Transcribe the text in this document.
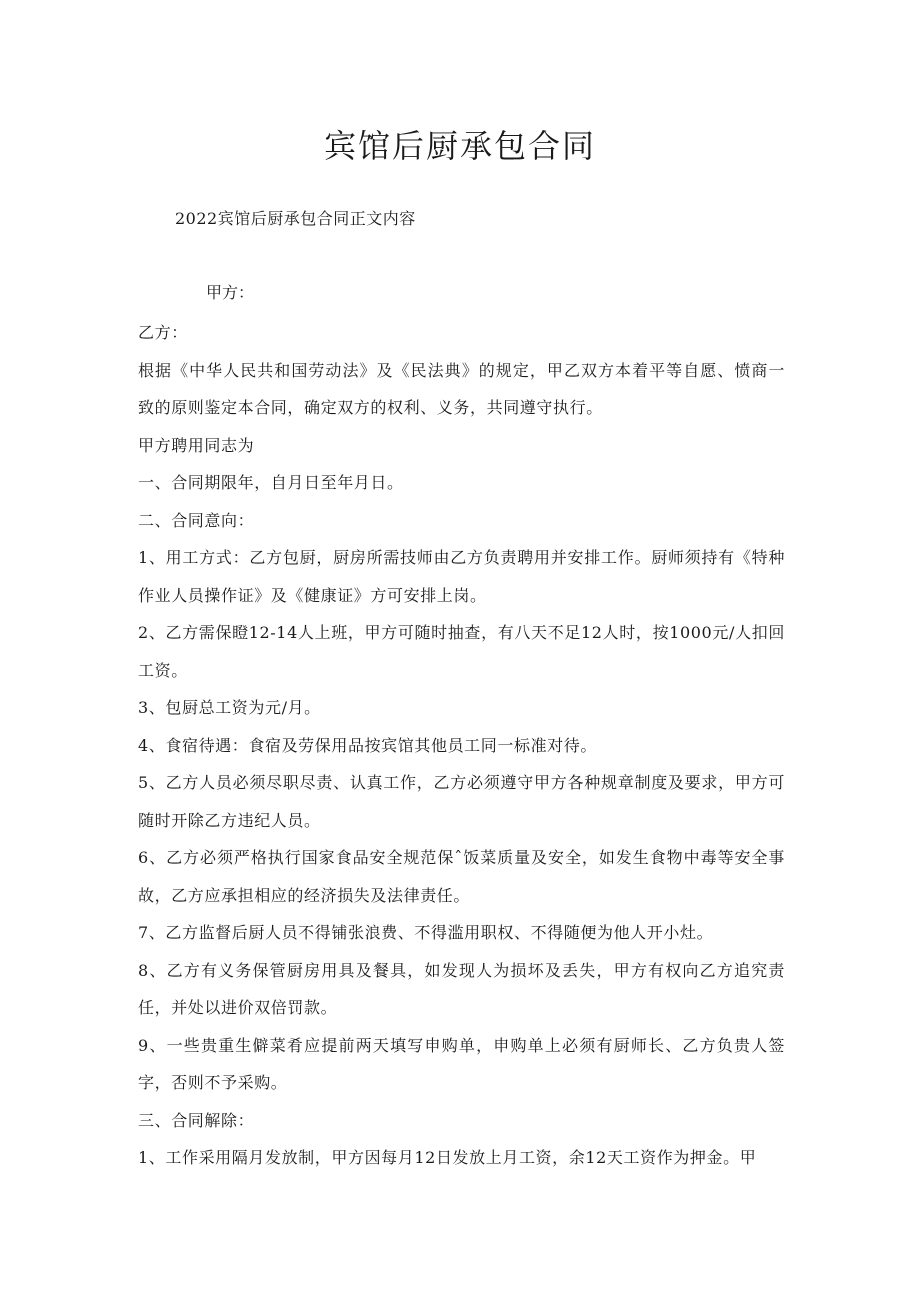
宾馆后厨承包合同
2022宾馆后厨承包合同正文内容
甲方：

乙方：

根据《中华人民共和国劳动法》及《民法典》的规定，甲乙双方本着平等自愿、愤商一致的原则鉴定本合同，确定双方的权利、义务，共同遵守执行。

甲方聘用同志为

一、合同期限年，自月日至年月日。

二、合同意向：

1、用工方式：乙方包厨，厨房所需技师由乙方负责聘用并安排工作。厨师须持有《特种作业人员操作证》及《健康证》方可安排上岗。

2、乙方需保瞪12-14人上班，甲方可随时抽查，有八天不足12人时，按1000元/人扣回工资。

3、包厨总工资为元/月。

4、食宿待遇：食宿及劳保用品按宾馆其他员工同一标准对待。

5、乙方人员必须尽职尽责、认真工作，乙方必须遵守甲方各种规章制度及要求，甲方可随时开除乙方违纪人员。

6、乙方必须严格执行国家食品安全规范保ˆ饭菜质量及安全，如发生食物中毒等安全事故，乙方应承担相应的经济损失及法律责任。

7、乙方监督后厨人员不得铺张浪费、不得滥用职权、不得随便为他人开小灶。

8、乙方有义务保管厨房用具及餐具，如发现人为损坏及丢失，甲方有权向乙方追究责任，并处以进价双倍罚款。

9、一些贵重生僻菜肴应提前两天填写申购单，申购单上必须有厨师长、乙方负贵人签字，否则不予采购。

三、合同解除：

1、工作采用隔月发放制，甲方因每月12日发放上月工资，余12天工资作为押金。甲
